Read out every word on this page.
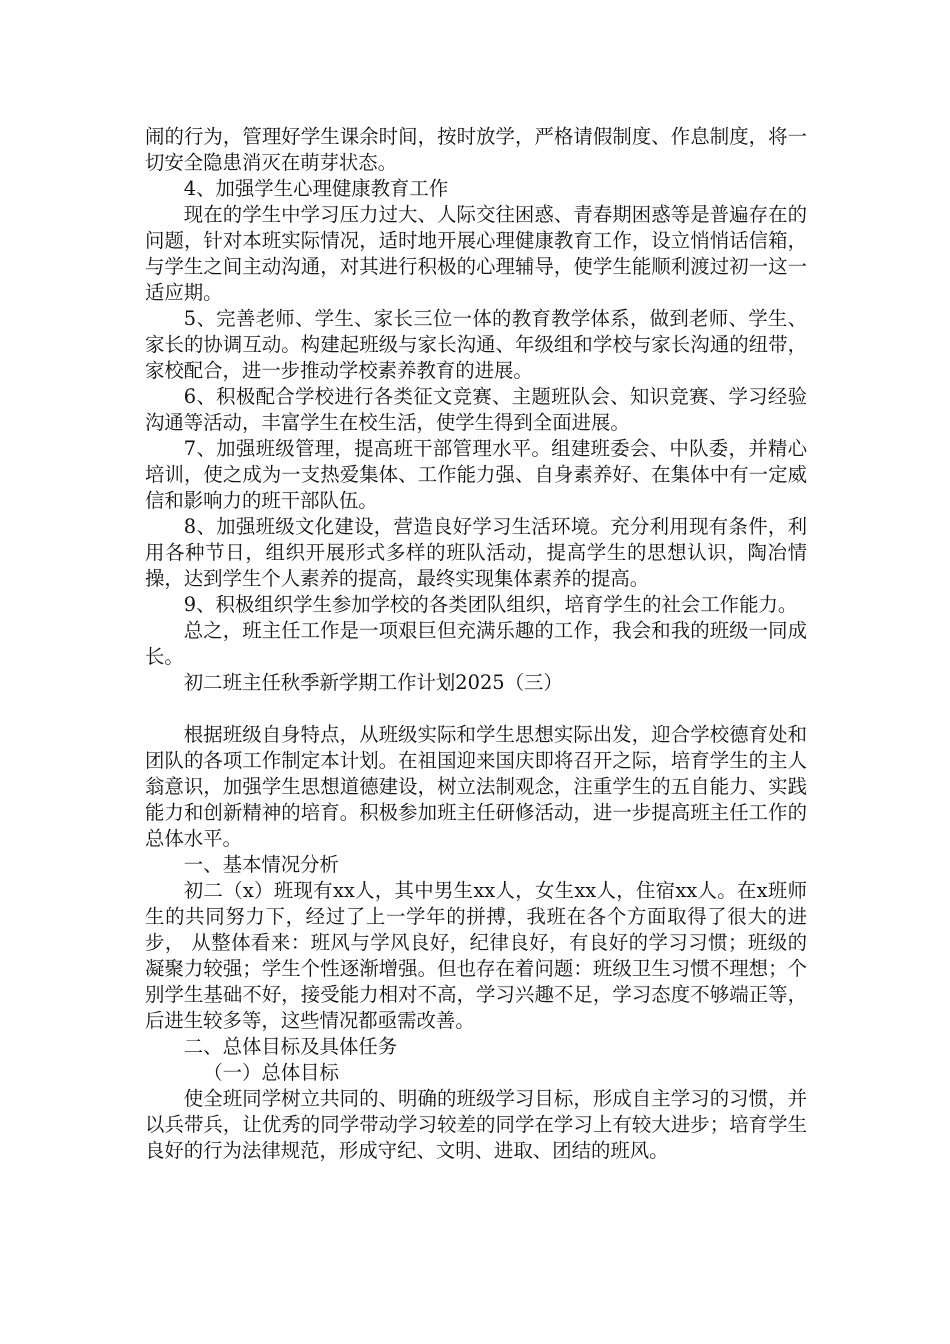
闹的行为，管理好学生课余时间，按时放学，严格请假制度、作息制度，将一切安全隐患消灭在萌芽状态。

4、加强学生心理健康教育工作

现在的学生中学习压力过大、人际交往困惑、青春期困惑等是普遍存在的问题，针对本班实际情况，适时地开展心理健康教育工作，设立悄悄话信箱，与学生之间主动沟通，对其进行积极的心理辅导，使学生能顺利渡过初一这一适应期。

5、完善老师、学生、家长三位一体的教育教学体系，做到老师、学生、家长的协调互动。构建起班级与家长沟通、年级组和学校与家长沟通的纽带，家校配合，进一步推动学校素养教育的进展。

6、积极配合学校进行各类征文竞赛、主题班队会、知识竞赛、学习经验沟通等活动，丰富学生在校生活，使学生得到全面进展。

7、加强班级管理，提高班干部管理水平。组建班委会、中队委，并精心培训，使之成为一支热爱集体、工作能力强、自身素养好、在集体中有一定威信和影响力的班干部队伍。

8、加强班级文化建设，营造良好学习生活环境。充分利用现有条件，利用各种节日，组织开展形式多样的班队活动，提高学生的思想认识，陶冶情操，达到学生个人素养的提高，最终实现集体素养的提高。

9、积极组织学生参加学校的各类团队组织，培育学生的社会工作能力。

总之，班主任工作是一项艰巨但充满乐趣的工作，我会和我的班级一同成长。

初二班主任秋季新学期工作计划2025（三）

根据班级自身特点，从班级实际和学生思想实际出发，迎合学校德育处和团队的各项工作制定本计划。在祖国迎来国庆即将召开之际，培育学生的主人翁意识，加强学生思想道德建设，树立法制观念，注重学生的五自能力、实践能力和创新精神的培育。积极参加班主任研修活动，进一步提高班主任工作的总体水平。

一、基本情况分析

初二（x）班现有xx人，其中男生xx人，女生xx人，住宿xx人。在x班师生的共同努力下，经过了上一学年的拼搏，我班在各个方面取得了很大的进步， 从整体看来：班风与学风良好，纪律良好，有良好的学习习惯；班级的凝聚力较强；学生个性逐渐增强。但也存在着问题：班级卫生习惯不理想；个别学生基础不好，接受能力相对不高，学习兴趣不足，学习态度不够端正等，后进生较多等，这些情况都亟需改善。

二、总体目标及具体任务

（一）总体目标

使全班同学树立共同的、明确的班级学习目标，形成自主学习的习惯，并以兵带兵，让优秀的同学带动学习较差的同学在学习上有较大进步；培育学生良好的行为法律规范，形成守纪、文明、进取、团结的班风。
